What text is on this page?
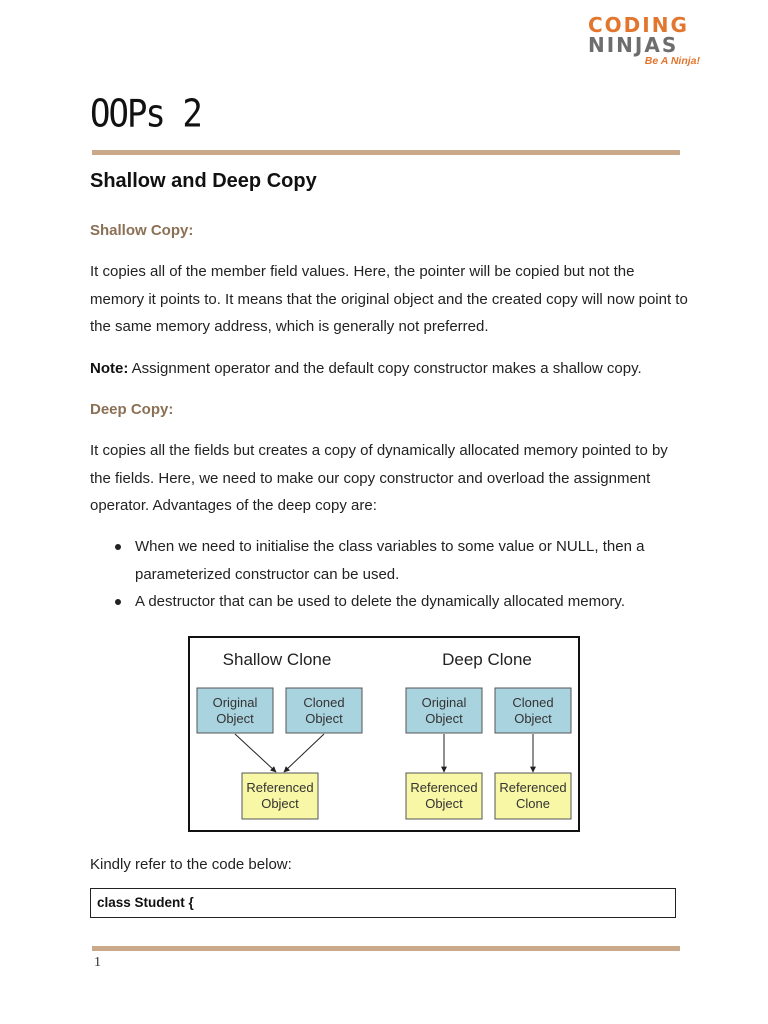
CODING
NINJAS
Be A Ninja!
OOPs 2
Shallow and Deep Copy
Shallow Copy:

It copies all of the member field values. Here, the pointer will be copied but not the memory it points to. It means that the original object and the created copy will now point to the same memory address, which is generally not preferred.

Note: Assignment operator and the default copy constructor makes a shallow copy.

Deep Copy:

It copies all the fields but creates a copy of dynamically allocated memory pointed to by the fields. Here, we need to make our copy constructor and overload the assignment operator. Advantages of the deep copy are:

When we need to initialise the class variables to some value or NULL, then a parameterized constructor can be used.
A destructor that can be used to delete the dynamically allocated memory.
Shallow Clone	Deep Clone
Original
Object
Cloned
Object
Referenced
Object
Original
Object
Cloned
Object
Referenced
Object
Referenced
Clone

Kindly refer to the code below:

class Student {
1
